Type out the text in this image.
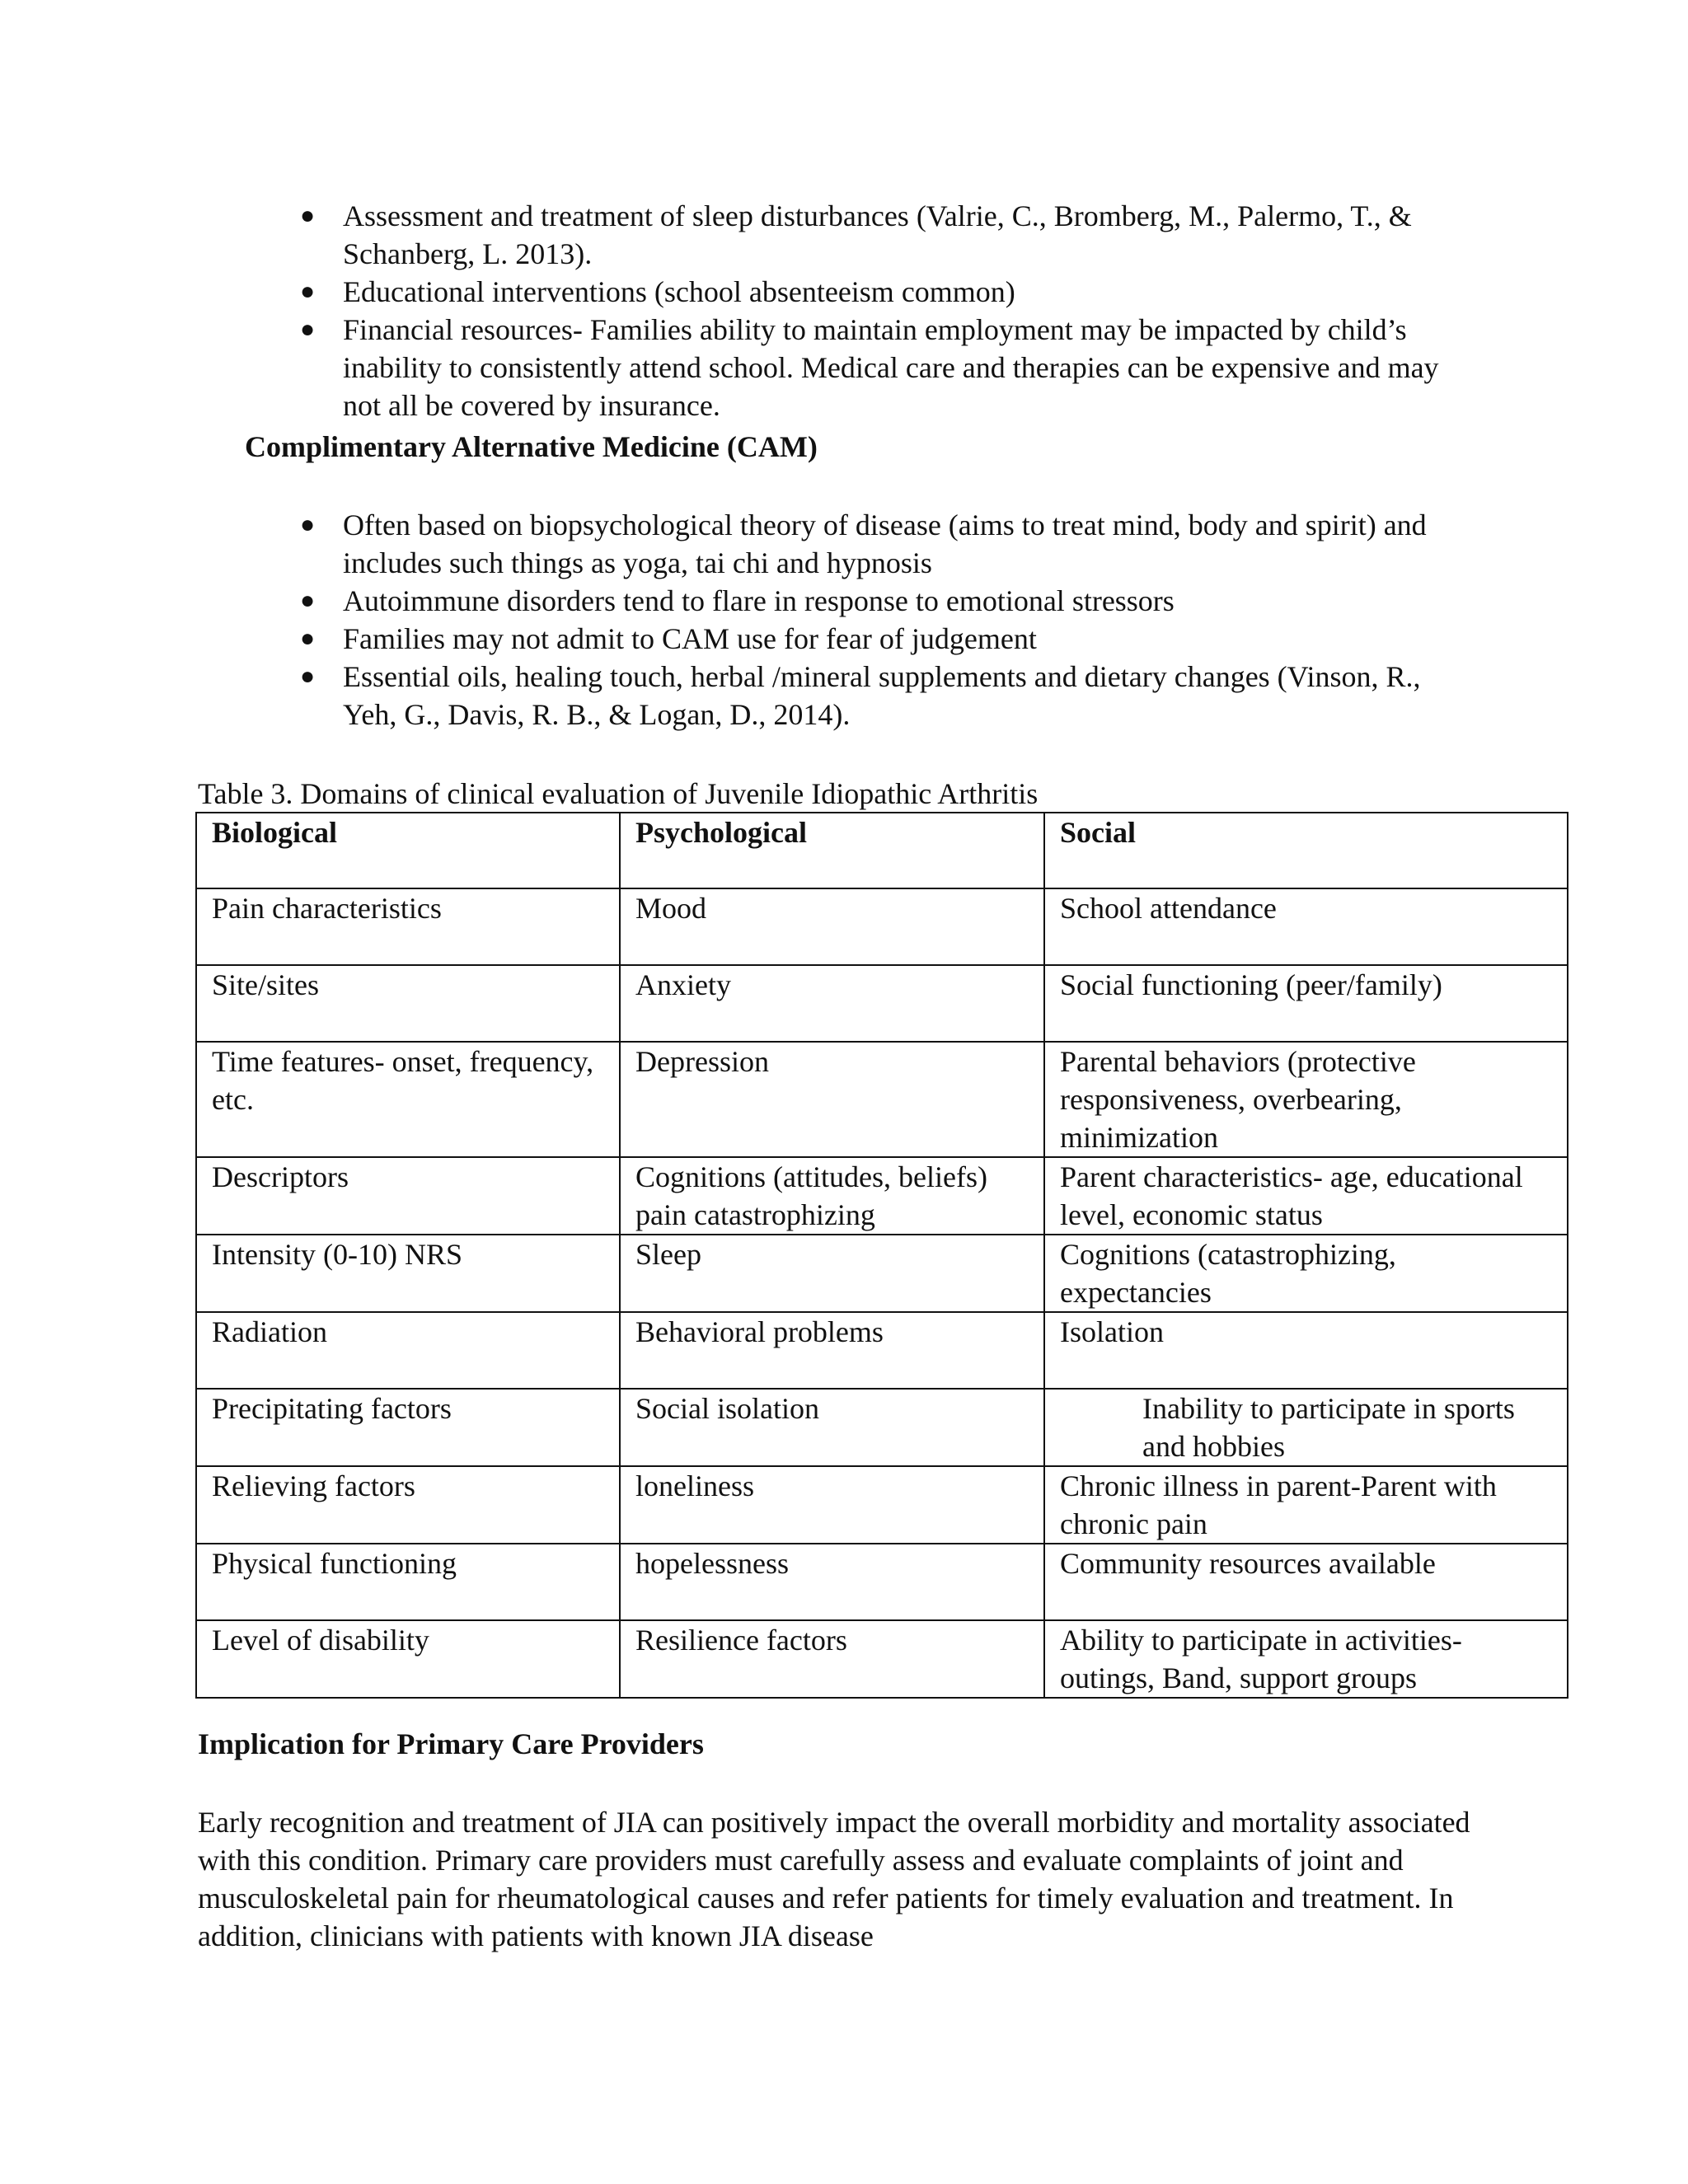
● Assessment and treatment of sleep disturbances (Valrie, C., Bromberg, M., Palermo, T., & Schanberg, L. 2013).
● Educational interventions (school absenteeism common)
● Financial resources- Families ability to maintain employment may be impacted by child’s inability to consistently attend school. Medical care and therapies can be expensive and may not all be covered by insurance.
Complimentary Alternative Medicine (CAM)
● Often based on biopsychological theory of disease (aims to treat mind, body and spirit) and includes such things as yoga, tai chi and hypnosis
● Autoimmune disorders tend to flare in response to emotional stressors
● Families may not admit to CAM use for fear of judgement
● Essential oils, healing touch, herbal /mineral supplements and dietary changes (Vinson, R., Yeh, G., Davis, R. B., & Logan, D., 2014).
Table 3. Domains of clinical evaluation of Juvenile Idiopathic Arthritis
Biological	Psychological	Social
Pain characteristics	Mood	School attendance
Site/sites	Anxiety	Social functioning (peer/family)
Time features- onset, frequency, etc.	Depression	Parental behaviors (protective responsiveness, overbearing, minimization
Descriptors	Cognitions (attitudes, beliefs) pain catastrophizing	Parent characteristics- age, educational level, economic status
Intensity (0-10) NRS	Sleep	Cognitions (catastrophizing, expectancies
Radiation	Behavioral problems	Isolation
Precipitating factors	Social isolation	Inability to participate in sports and hobbies
Relieving factors	loneliness	Chronic illness in parent-Parent with chronic pain
Physical functioning	hopelessness	Community resources available
Level of disability	Resilience factors	Ability to participate in activities- outings, Band, support groups
Implication for Primary Care Providers
Early recognition and treatment of JIA can positively impact the overall morbidity and mortality associated with this condition. Primary care providers must carefully assess and evaluate complaints of joint and musculoskeletal pain for rheumatological causes and refer patients for timely evaluation and treatment. In addition, clinicians with patients with known JIA disease
